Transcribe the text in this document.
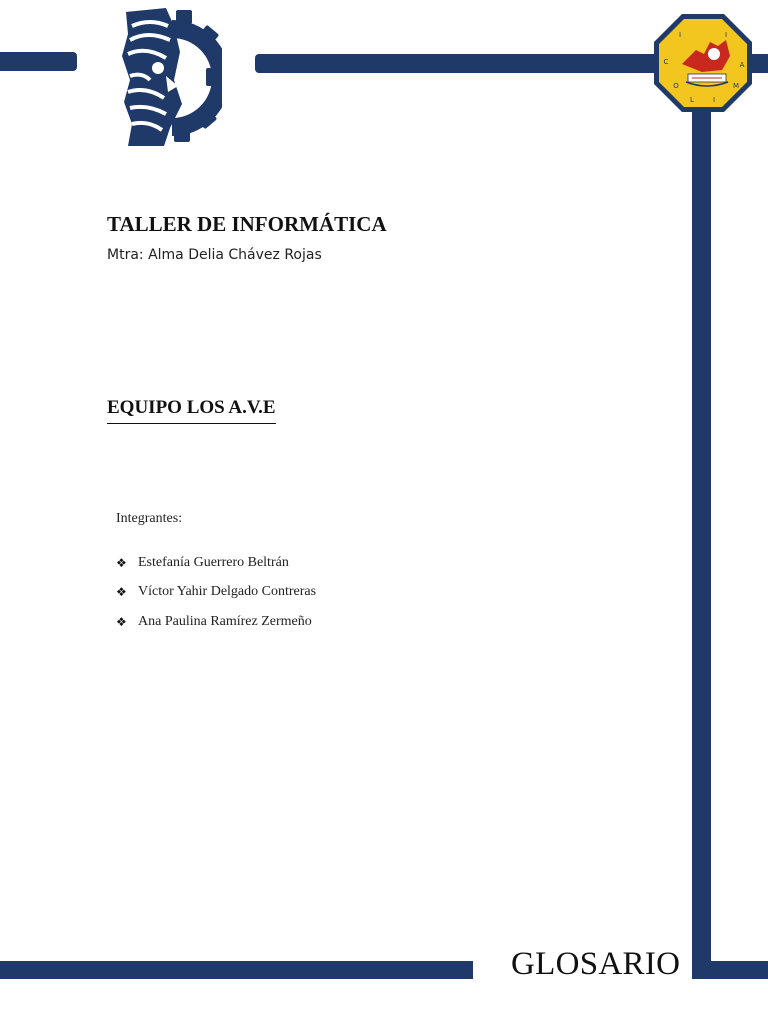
I	I
C	A
O	M
L	I
TALLER DE INFORMÁTICA

Mtra: Alma Delia Chávez Rojas

EQUIPO LOS A.V.E

Integrantes:

❖ Estefanía Guerrero Beltrán
❖ Víctor Yahir Delgado Contreras
❖ Ana Paulina Ramírez Zermeño

GLOSARIO
